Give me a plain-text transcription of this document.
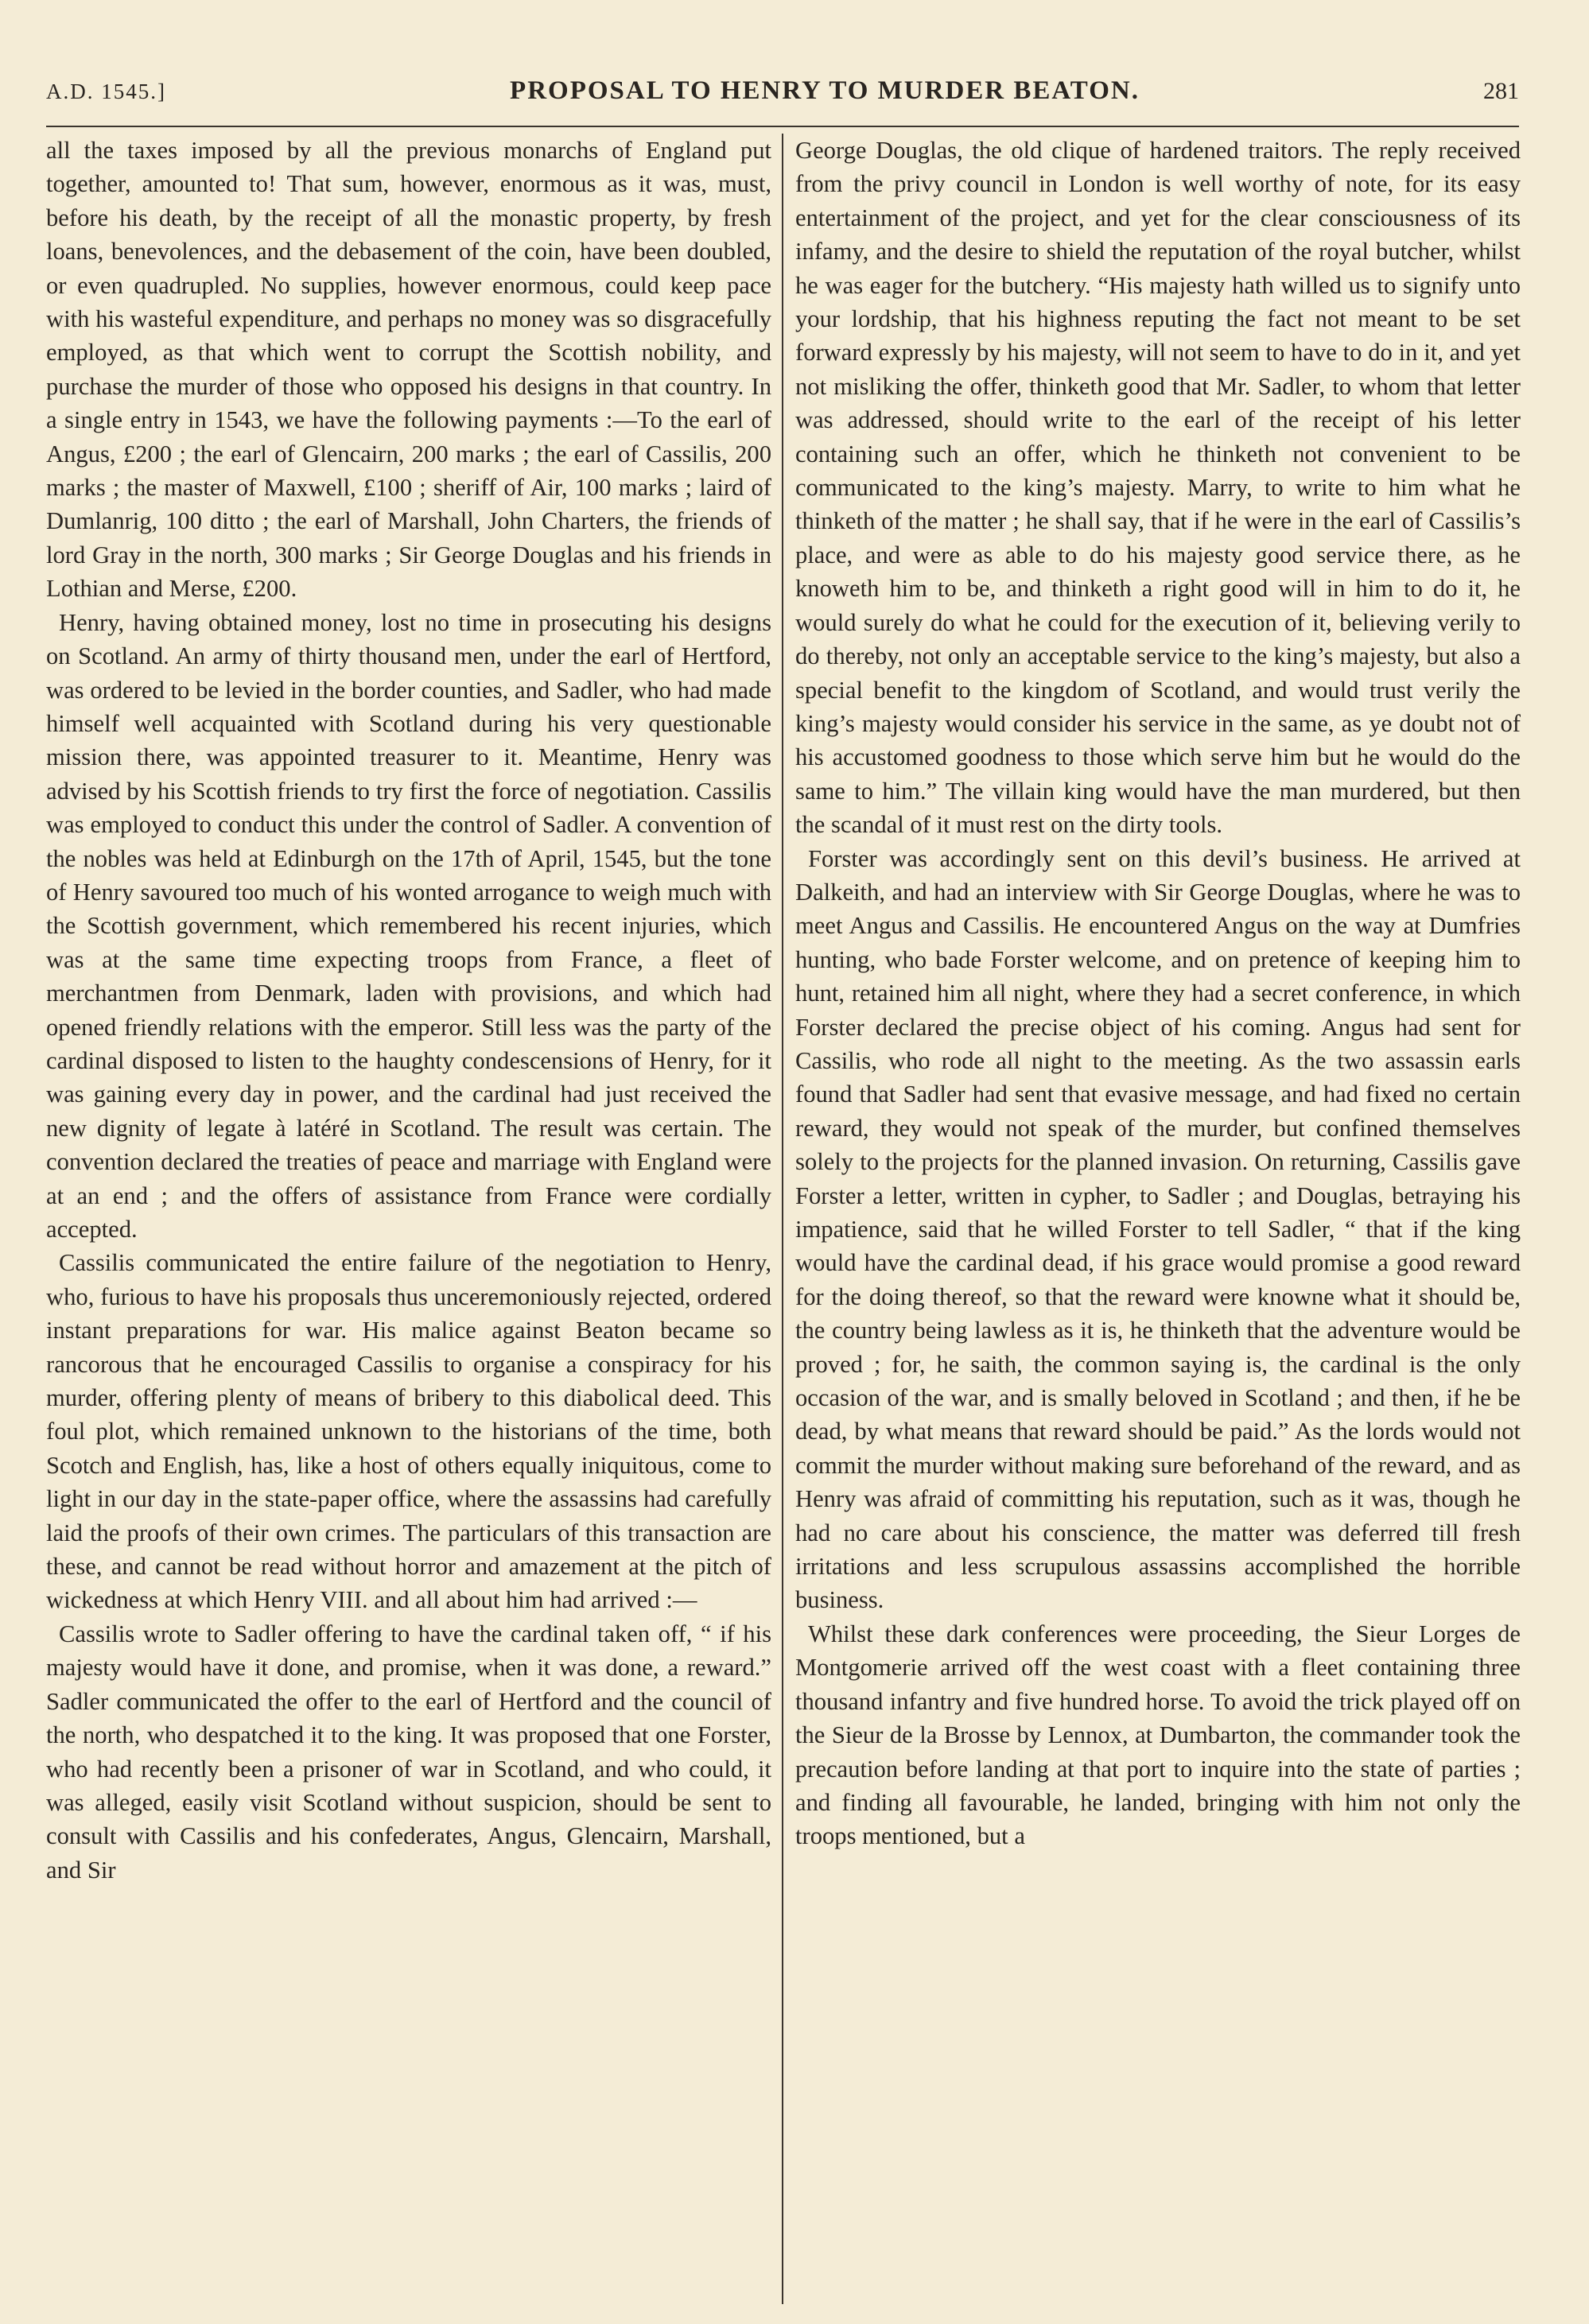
A.D. 1545.]	PROPOSAL TO HENRY TO MURDER BEATON.	281

all the taxes imposed by all the previous monarchs of England put together, amounted to! That sum, however, enormous as it was, must, before his death, by the receipt of all the monastic property, by fresh loans, benevolences, and the debasement of the coin, have been doubled, or even quadrupled. No supplies, however enormous, could keep pace with his wasteful expenditure, and perhaps no money was so disgracefully employed, as that which went to corrupt the Scottish nobility, and purchase the murder of those who opposed his designs in that country. In a single entry in 1543, we have the following payments :—To the earl of Angus, £200 ; the earl of Glencairn, 200 marks ; the earl of Cassilis, 200 marks ; the master of Maxwell, £100 ; sheriff of Air, 100 marks ; laird of Dumlanrig, 100 ditto ; the earl of Marshall, John Charters, the friends of lord Gray in the north, 300 marks ; Sir George Douglas and his friends in Lothian and Merse, £200.

Henry, having obtained money, lost no time in prosecuting his designs on Scotland. An army of thirty thousand men, under the earl of Hertford, was ordered to be levied in the border counties, and Sadler, who had made himself well acquainted with Scotland during his very questionable mission there, was appointed treasurer to it. Meantime, Henry was advised by his Scottish friends to try first the force of negotiation. Cassilis was employed to conduct this under the control of Sadler. A convention of the nobles was held at Edinburgh on the 17th of April, 1545, but the tone of Henry savoured too much of his wonted arrogance to weigh much with the Scottish government, which remembered his recent injuries, which was at the same time expecting troops from France, a fleet of merchantmen from Denmark, laden with provisions, and which had opened friendly relations with the emperor. Still less was the party of the cardinal disposed to listen to the haughty condescensions of Henry, for it was gaining every day in power, and the cardinal had just received the new dignity of legate à latéré in Scotland. The result was certain. The convention declared the treaties of peace and marriage with England were at an end ; and the offers of assistance from France were cordially accepted.

Cassilis communicated the entire failure of the negotiation to Henry, who, furious to have his proposals thus unceremoniously rejected, ordered instant preparations for war. His malice against Beaton became so rancorous that he encouraged Cassilis to organise a conspiracy for his murder, offering plenty of means of bribery to this diabolical deed. This foul plot, which remained unknown to the historians of the time, both Scotch and English, has, like a host of others equally iniquitous, come to light in our day in the state-paper office, where the assassins had carefully laid the proofs of their own crimes. The particulars of this transaction are these, and cannot be read without horror and amazement at the pitch of wickedness at which Henry VIII. and all about him had arrived :—

Cassilis wrote to Sadler offering to have the cardinal taken off, “ if his majesty would have it done, and promise, when it was done, a reward.” Sadler communicated the offer to the earl of Hertford and the council of the north, who despatched it to the king. It was proposed that one Forster, who had recently been a prisoner of war in Scotland, and who could, it was alleged, easily visit Scotland without suspicion, should be sent to consult with Cassilis and his confederates, Angus, Glencairn, Marshall, and Sir

George Douglas, the old clique of hardened traitors. The reply received from the privy council in London is well worthy of note, for its easy entertainment of the project, and yet for the clear consciousness of its infamy, and the desire to shield the reputation of the royal butcher, whilst he was eager for the butchery. “His majesty hath willed us to signify unto your lordship, that his highness reputing the fact not meant to be set forward expressly by his majesty, will not seem to have to do in it, and yet not misliking the offer, thinketh good that Mr. Sadler, to whom that letter was addressed, should write to the earl of the receipt of his letter containing such an offer, which he thinketh not convenient to be communicated to the king’s majesty. Marry, to write to him what he thinketh of the matter ; he shall say, that if he were in the earl of Cassilis’s place, and were as able to do his majesty good service there, as he knoweth him to be, and thinketh a right good will in him to do it, he would surely do what he could for the execution of it, believing verily to do thereby, not only an acceptable service to the king’s majesty, but also a special benefit to the kingdom of Scotland, and would trust verily the king’s majesty would consider his service in the same, as ye doubt not of his accustomed goodness to those which serve him but he would do the same to him.” The villain king would have the man murdered, but then the scandal of it must rest on the dirty tools.

Forster was accordingly sent on this devil’s business. He arrived at Dalkeith, and had an interview with Sir George Douglas, where he was to meet Angus and Cassilis. He encountered Angus on the way at Dumfries hunting, who bade Forster welcome, and on pretence of keeping him to hunt, retained him all night, where they had a secret conference, in which Forster declared the precise object of his coming. Angus had sent for Cassilis, who rode all night to the meeting. As the two assassin earls found that Sadler had sent that evasive message, and had fixed no certain reward, they would not speak of the murder, but confined themselves solely to the projects for the planned invasion. On returning, Cassilis gave Forster a letter, written in cypher, to Sadler ; and Douglas, betraying his impatience, said that he willed Forster to tell Sadler, “ that if the king would have the cardinal dead, if his grace would promise a good reward for the doing thereof, so that the reward were knowne what it should be, the country being lawless as it is, he thinketh that the adventure would be proved ; for, he saith, the common saying is, the cardinal is the only occasion of the war, and is smally beloved in Scotland ; and then, if he be dead, by what means that reward should be paid.” As the lords would not commit the murder without making sure beforehand of the reward, and as Henry was afraid of committing his reputation, such as it was, though he had no care about his conscience, the matter was deferred till fresh irritations and less scrupulous assassins accomplished the horrible business.

Whilst these dark conferences were proceeding, the Sieur Lorges de Montgomerie arrived off the west coast with a fleet containing three thousand infantry and five hundred horse. To avoid the trick played off on the Sieur de la Brosse by Lennox, at Dumbarton, the commander took the precaution before landing at that port to inquire into the state of parties ; and finding all favourable, he landed, bringing with him not only the troops mentioned, but a
